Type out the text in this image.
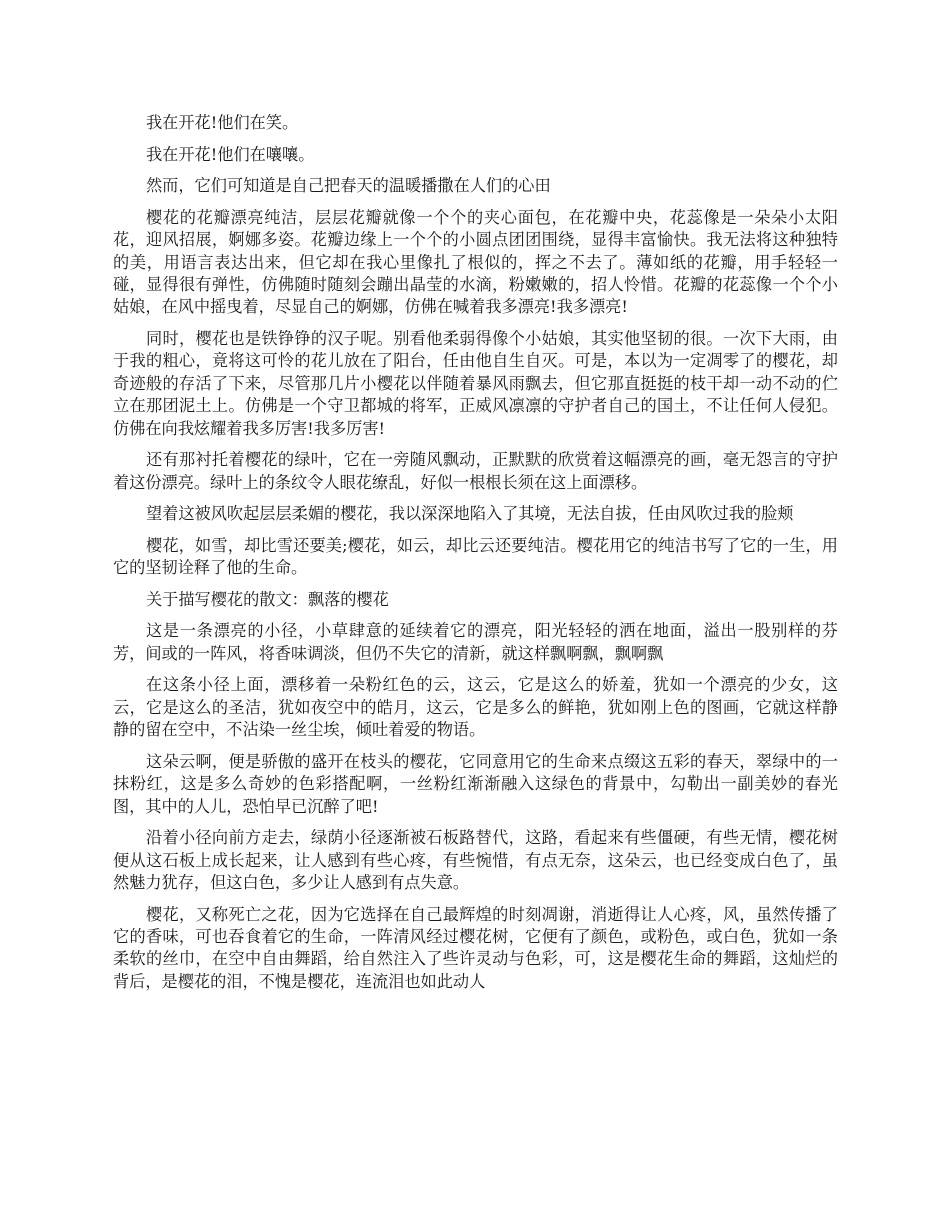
我在开花!他们在笑。

我在开花!他们在嚷嚷。

然而，它们可知道是自己把春天的温暖播撒在人们的心田

樱花的花瓣漂亮纯洁，层层花瓣就像一个个的夹心面包，在花瓣中央，花蕊像是一朵朵小太阳花，迎风招展，婀娜多姿。花瓣边缘上一个个的小圆点团团围绕，显得丰富愉快。我无法将这种独特的美，用语言表达出来，但它却在我心里像扎了根似的，挥之不去了。薄如纸的花瓣，用手轻轻一碰，显得很有弹性，仿佛随时随刻会蹦出晶莹的水滴，粉嫩嫩的，招人怜惜。花瓣的花蕊像一个个小姑娘，在风中摇曳着，尽显自己的婀娜，仿佛在喊着我多漂亮!我多漂亮!

同时，樱花也是铁铮铮的汉子呢。别看他柔弱得像个小姑娘，其实他坚韧的很。一次下大雨，由于我的粗心，竟将这可怜的花儿放在了阳台，任由他自生自灭。可是，本以为一定凋零了的樱花，却奇迹般的存活了下来，尽管那几片小樱花以伴随着暴风雨飘去，但它那直挺挺的枝干却一动不动的伫立在那团泥土上。仿佛是一个守卫都城的将军，正威风凛凛的守护者自己的国土，不让任何人侵犯。仿佛在向我炫耀着我多厉害!我多厉害!

还有那衬托着樱花的绿叶，它在一旁随风飘动，正默默的欣赏着这幅漂亮的画，毫无怨言的守护着这份漂亮。绿叶上的条纹令人眼花缭乱，好似一根根长须在这上面漂移。

望着这被风吹起层层柔媚的樱花，我以深深地陷入了其境，无法自拔，任由风吹过我的脸颊

樱花，如雪，却比雪还要美;樱花，如云，却比云还要纯洁。樱花用它的纯洁书写了它的一生，用它的坚韧诠释了他的生命。

关于描写樱花的散文：飘落的樱花

这是一条漂亮的小径，小草肆意的延续着它的漂亮，阳光轻轻的洒在地面，溢出一股别样的芬芳，间或的一阵风，将香味调淡，但仍不失它的清新，就这样飘啊飘，飘啊飘

在这条小径上面，漂移着一朵粉红色的云，这云，它是这么的娇羞，犹如一个漂亮的少女，这云，它是这么的圣洁，犹如夜空中的皓月，这云，它是多么的鲜艳，犹如刚上色的图画，它就这样静静的留在空中，不沾染一丝尘埃，倾吐着爱的物语。

这朵云啊，便是骄傲的盛开在枝头的樱花，它同意用它的生命来点缀这五彩的春天，翠绿中的一抹粉红，这是多么奇妙的色彩搭配啊，一丝粉红渐渐融入这绿色的背景中，勾勒出一副美妙的春光图，其中的人儿，恐怕早已沉醉了吧!

沿着小径向前方走去，绿荫小径逐渐被石板路替代，这路，看起来有些僵硬，有些无情，樱花树便从这石板上成长起来，让人感到有些心疼，有些惋惜，有点无奈，这朵云，也已经变成白色了，虽然魅力犹存，但这白色，多少让人感到有点失意。

樱花，又称死亡之花，因为它选择在自己最辉煌的时刻凋谢，消逝得让人心疼，风，虽然传播了它的香味，可也吞食着它的生命，一阵清风经过樱花树，它便有了颜色，或粉色，或白色，犹如一条柔软的丝巾，在空中自由舞蹈，给自然注入了些许灵动与色彩，可，这是樱花生命的舞蹈，这灿烂的背后，是樱花的泪，不愧是樱花，连流泪也如此动人
